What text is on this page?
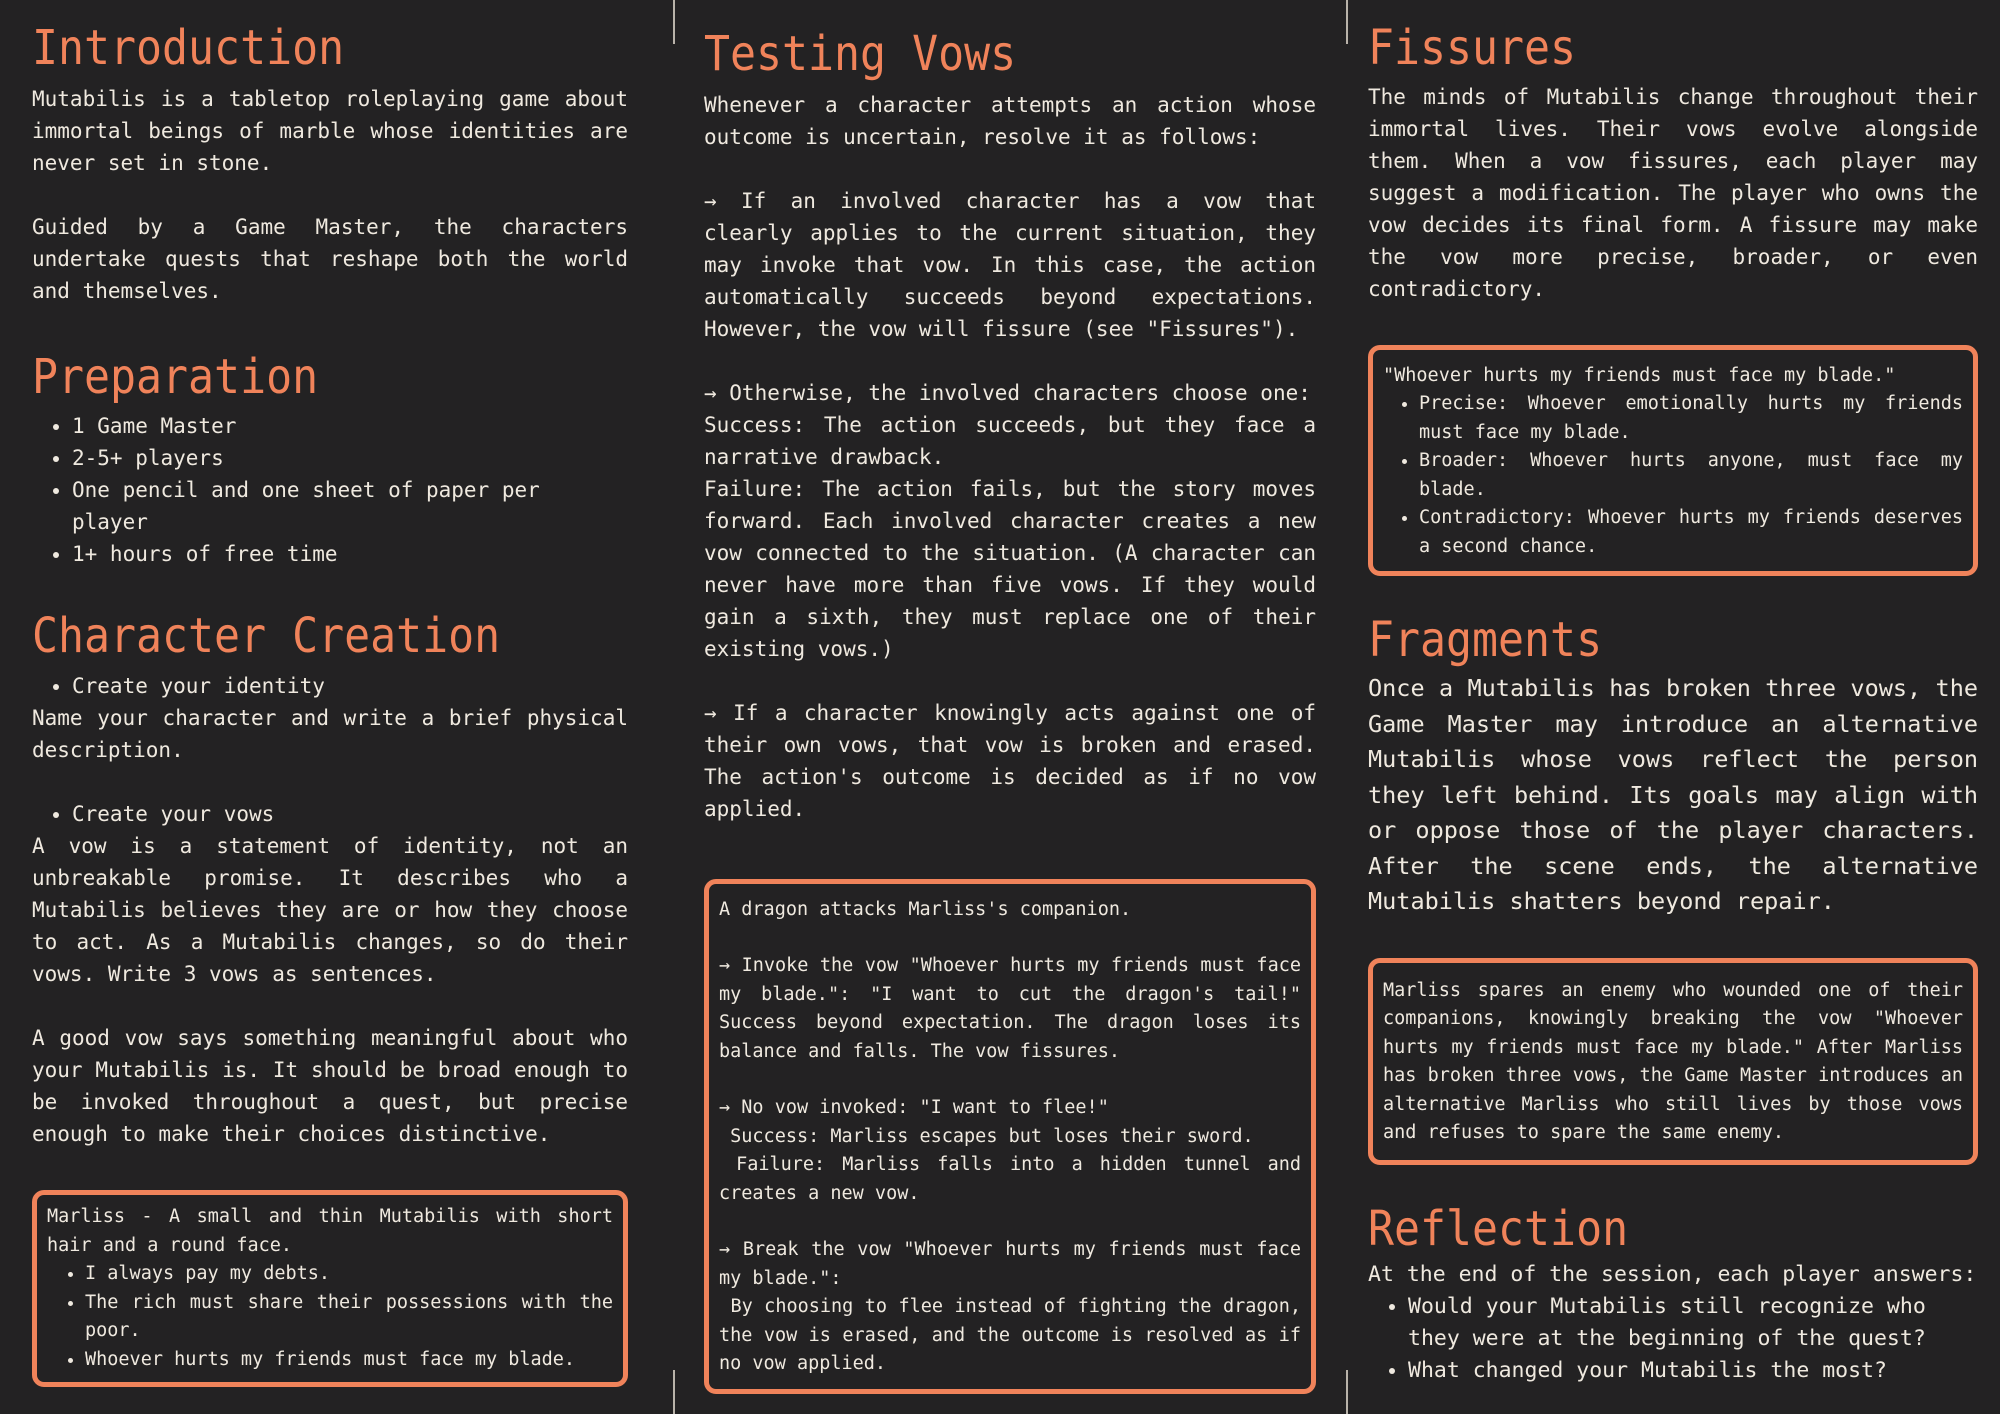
Introduction

Mutabilis is a tabletop roleplaying game about immortal beings of marble whose identities are never set in stone.

Guided by a Game Master, the characters undertake quests that reshape both the world and themselves.

Preparation
• 1 Game Master
• 2-5+ players
• One pencil and one sheet of paper per player
• 1+ hours of free time
Character Creation
• Create your identity

Name your character and write a brief physical description.

• Create your vows

A vow is a statement of identity, not an unbreakable promise. It describes who a Mutabilis believes they are or how they choose to act. As a Mutabilis changes, so do their vows. Write 3 vows as sentences.

A good vow says something meaningful about who your Mutabilis is. It should be broad enough to be invoked throughout a quest, but precise enough to make their choices distinctive.

Marliss - A small and thin Mutabilis with short hair and a round face.

• I always pay my debts.
• The rich must share their possessions with the poor.
• Whoever hurts my friends must face my blade.
Testing Vows

Whenever a character attempts an action whose outcome is uncertain, resolve it as follows:

→ If an involved character has a vow that clearly applies to the current situation, they may invoke that vow. In this case, the action automatically succeeds beyond expectations. However, the vow will fissure (see "Fissures").

→ Otherwise, the involved characters choose one:

Success: The action succeeds, but they face a narrative drawback.

Failure: The action fails, but the story moves forward. Each involved character creates a new vow connected to the situation. (A character can never have more than five vows. If they would gain a sixth, they must replace one of their existing vows.)

→ If a character knowingly acts against one of their own vows, that vow is broken and erased. The action's outcome is decided as if no vow applied.

A dragon attacks Marliss's companion.

→ Invoke the vow "Whoever hurts my friends must face my blade.": "I want to cut the dragon's tail!" Success beyond expectation. The dragon loses its balance and falls. The vow fissures.

→ No vow invoked: "I want to flee!"

Success: Marliss escapes but loses their sword.

Failure: Marliss falls into a hidden tunnel and creates a new vow.

→ Break the vow "Whoever hurts my friends must face my blade.":

By choosing to flee instead of fighting the dragon, the vow is erased, and the outcome is resolved as if no vow applied.

Fissures

The minds of Mutabilis change throughout their immortal lives. Their vows evolve alongside them. When a vow fissures, each player may suggest a modification. The player who owns the vow decides its final form. A fissure may make the vow more precise, broader, or even contradictory.

"Whoever hurts my friends must face my blade."

• Precise: Whoever emotionally hurts my friends must face my blade.
• Broader: Whoever hurts anyone, must face my blade.
• Contradictory: Whoever hurts my friends deserves a second chance.
Fragments

Once a Mutabilis has broken three vows, the Game Master may introduce an alternative Mutabilis whose vows reflect the person they left behind. Its goals may align with or oppose those of the player characters. After the scene ends, the alternative Mutabilis shatters beyond repair.

Marliss spares an enemy who wounded one of their companions, knowingly breaking the vow "Whoever hurts my friends must face my blade." After Marliss has broken three vows, the Game Master introduces an alternative Marliss who still lives by those vows and refuses to spare the same enemy.

Reflection

At the end of the session, each player answers:

• Would your Mutabilis still recognize who they were at the beginning of the quest?
• What changed your Mutabilis the most?
